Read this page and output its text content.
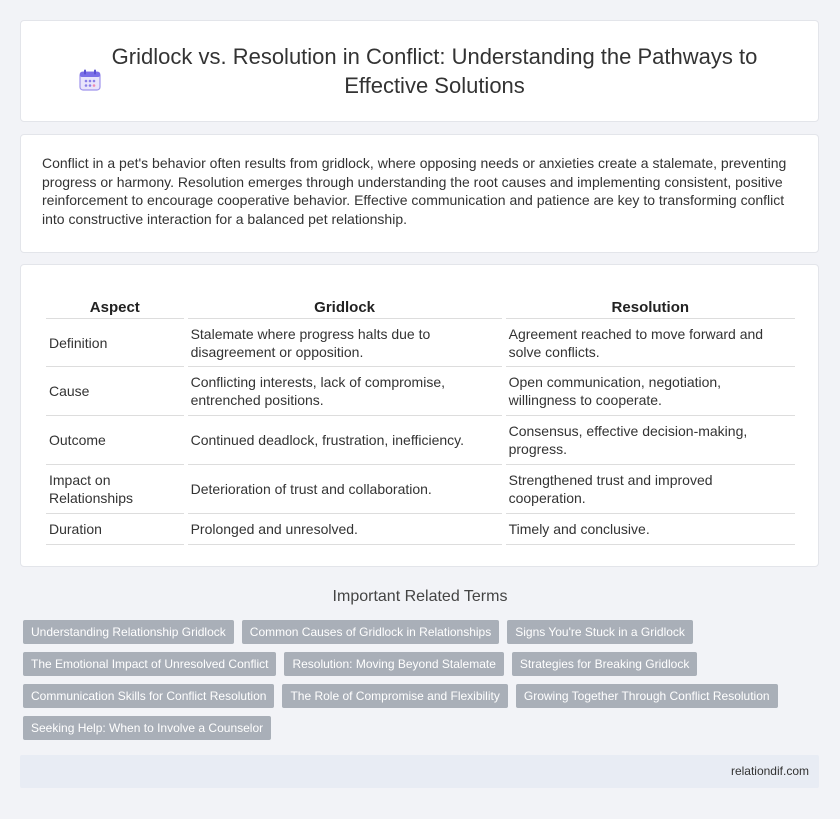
Gridlock vs. Resolution in Conflict: Understanding the Pathways to Effective Solutions

Conflict in a pet's behavior often results from gridlock, where opposing needs or anxieties create a stalemate, preventing progress or harmony. Resolution emerges through understanding the root causes and implementing consistent, positive reinforcement to encourage cooperative behavior. Effective communication and patience are key to transforming conflict into constructive interaction for a balanced pet relationship.

Aspect	Gridlock	Resolution
Definition	Stalemate where progress halts due to disagreement or opposition.	Agreement reached to move forward and solve conflicts.
Cause	Conflicting interests, lack of compromise, entrenched positions.	Open communication, negotiation, willingness to cooperate.
Outcome	Continued deadlock, frustration, inefficiency.	Consensus, effective decision-making, progress.
Impact on Relationships	Deterioration of trust and collaboration.	Strengthened trust and improved cooperation.
Duration	Prolonged and unresolved.	Timely and conclusive.
Important Related Terms
Understanding Relationship Gridlock	Common Causes of Gridlock in Relationships	Signs You're Stuck in a Gridlock
The Emotional Impact of Unresolved Conflict	Resolution: Moving Beyond Stalemate	Strategies for Breaking Gridlock
Communication Skills for Conflict Resolution	The Role of Compromise and Flexibility	Growing Together Through Conflict Resolution
Seeking Help: When to Involve a Counselor
relationdif.com
